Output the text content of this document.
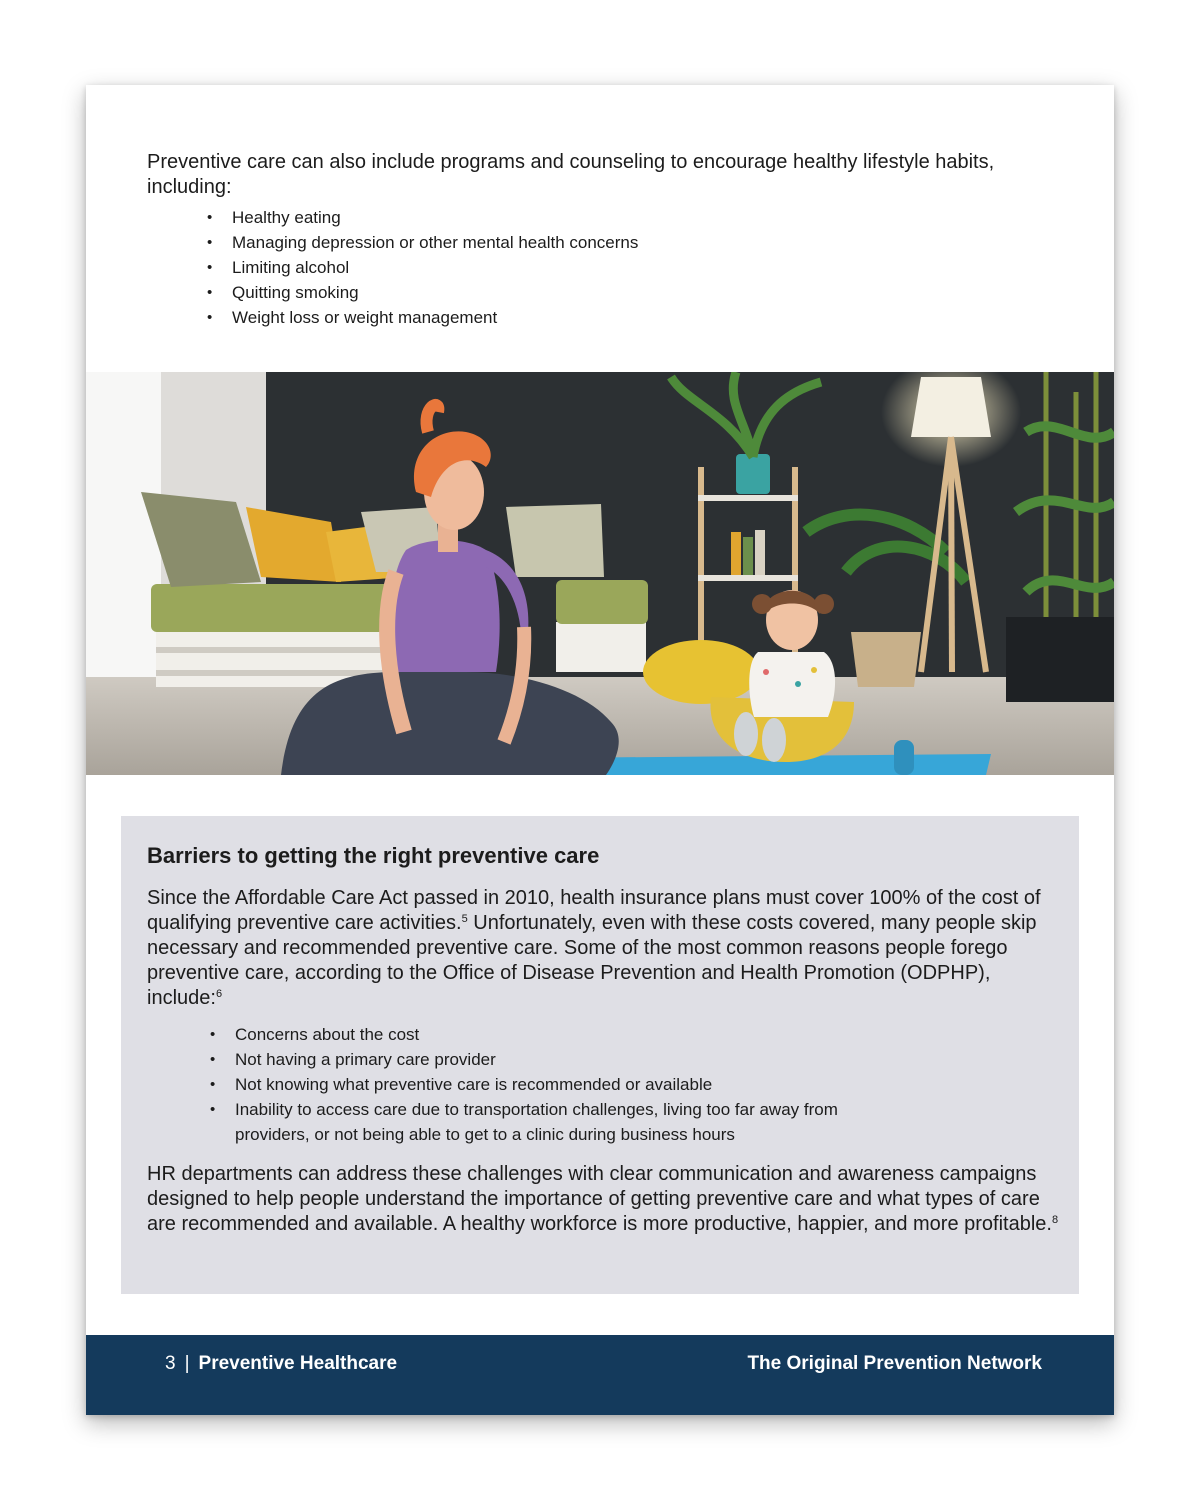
Preventive care can also include programs and counseling to encourage healthy lifestyle habits, including:
• Healthy eating
• Managing depression or other mental health concerns
• Limiting alcohol
• Quitting smoking
• Weight loss or weight management
Barriers to getting the right preventive care
Since the Affordable Care Act passed in 2010, health insurance plans must cover 100% of the cost of qualifying preventive care activities.$^5$ Unfortunately, even with these costs covered, many people skip necessary and recommended preventive care. Some of the most common reasons people forego preventive care, according to the Office of Disease Prevention and Health Promotion (ODPHP), include:$^6$
• Concerns about the cost
• Not having a primary care provider
• Not knowing what preventive care is recommended or available
• Inability to access care due to transportation challenges, living too far away from providers, or not being able to get to a clinic during business hours
HR departments can address these challenges with clear communication and awareness campaigns designed to help people understand the importance of getting preventive care and what types of care are recommended and available. A healthy workforce is more productive, happier, and more profitable.$^8$
3 | Preventive Healthcare	The Original Prevention Network
